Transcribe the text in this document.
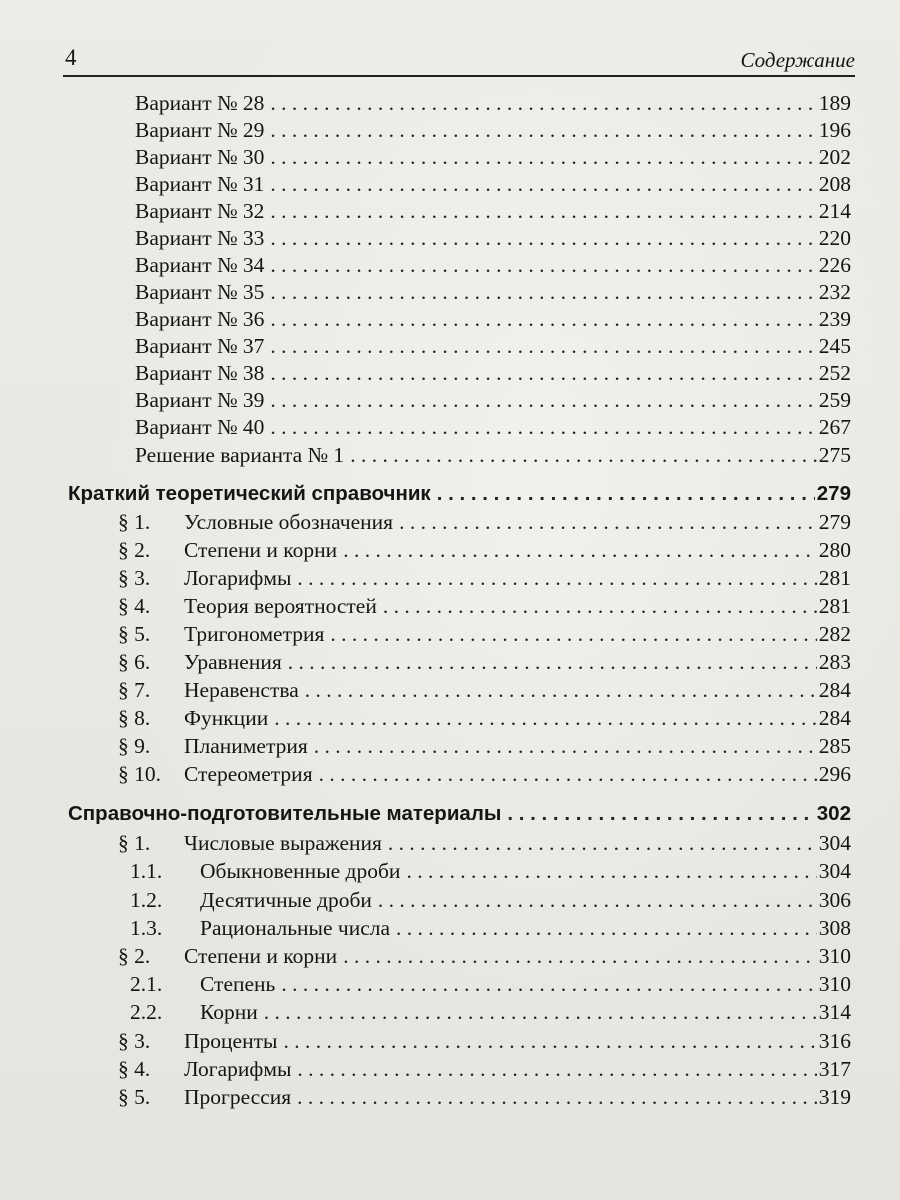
4	Содержание
Вариант № 28 . . .	189
Вариант № 29 . . .	196
Вариант № 30 . . .	202
Вариант № 31 . . .	208
Вариант № 32 . . .	214
Вариант № 33 . . .	220
Вариант № 34 . . .	226
Вариант № 35 . . .	232
Вариант № 36 . . .	239
Вариант № 37 . . .	245
Вариант № 38 . . .	252
Вариант № 39 . . .	259
Вариант № 40 . . .	267
Решение варианта № 1 . . .	275
Краткий теоретический справочник . . .	279
§ 1.	Условные обозначения . . .	279
§ 2.	Степени и корни . . .	280
§ 3.	Логарифмы . . .	281
§ 4.	Теория вероятностей . . .	281
§ 5.	Тригонометрия . . .	282
§ 6.	Уравнения . . .	283
§ 7.	Неравенства . . .	284
§ 8.	Функции . . .	284
§ 9.	Планиметрия . . .	285
§ 10.	Стереометрия . . .	296
Справочно-подготовительные материалы . . .	302
§ 1.	Числовые выражения . . .	304
1.1.	Обыкновенные дроби . . .	304
1.2.	Десятичные дроби . . .	306
1.3.	Рациональные числа . . .	308
§ 2.	Степени и корни . . .	310
2.1.	Степень . . .	310
2.2.	Корни . . .	314
§ 3.	Проценты . . .	316
§ 4.	Логарифмы . . .	317
§ 5.	Прогрессия . . .	319
